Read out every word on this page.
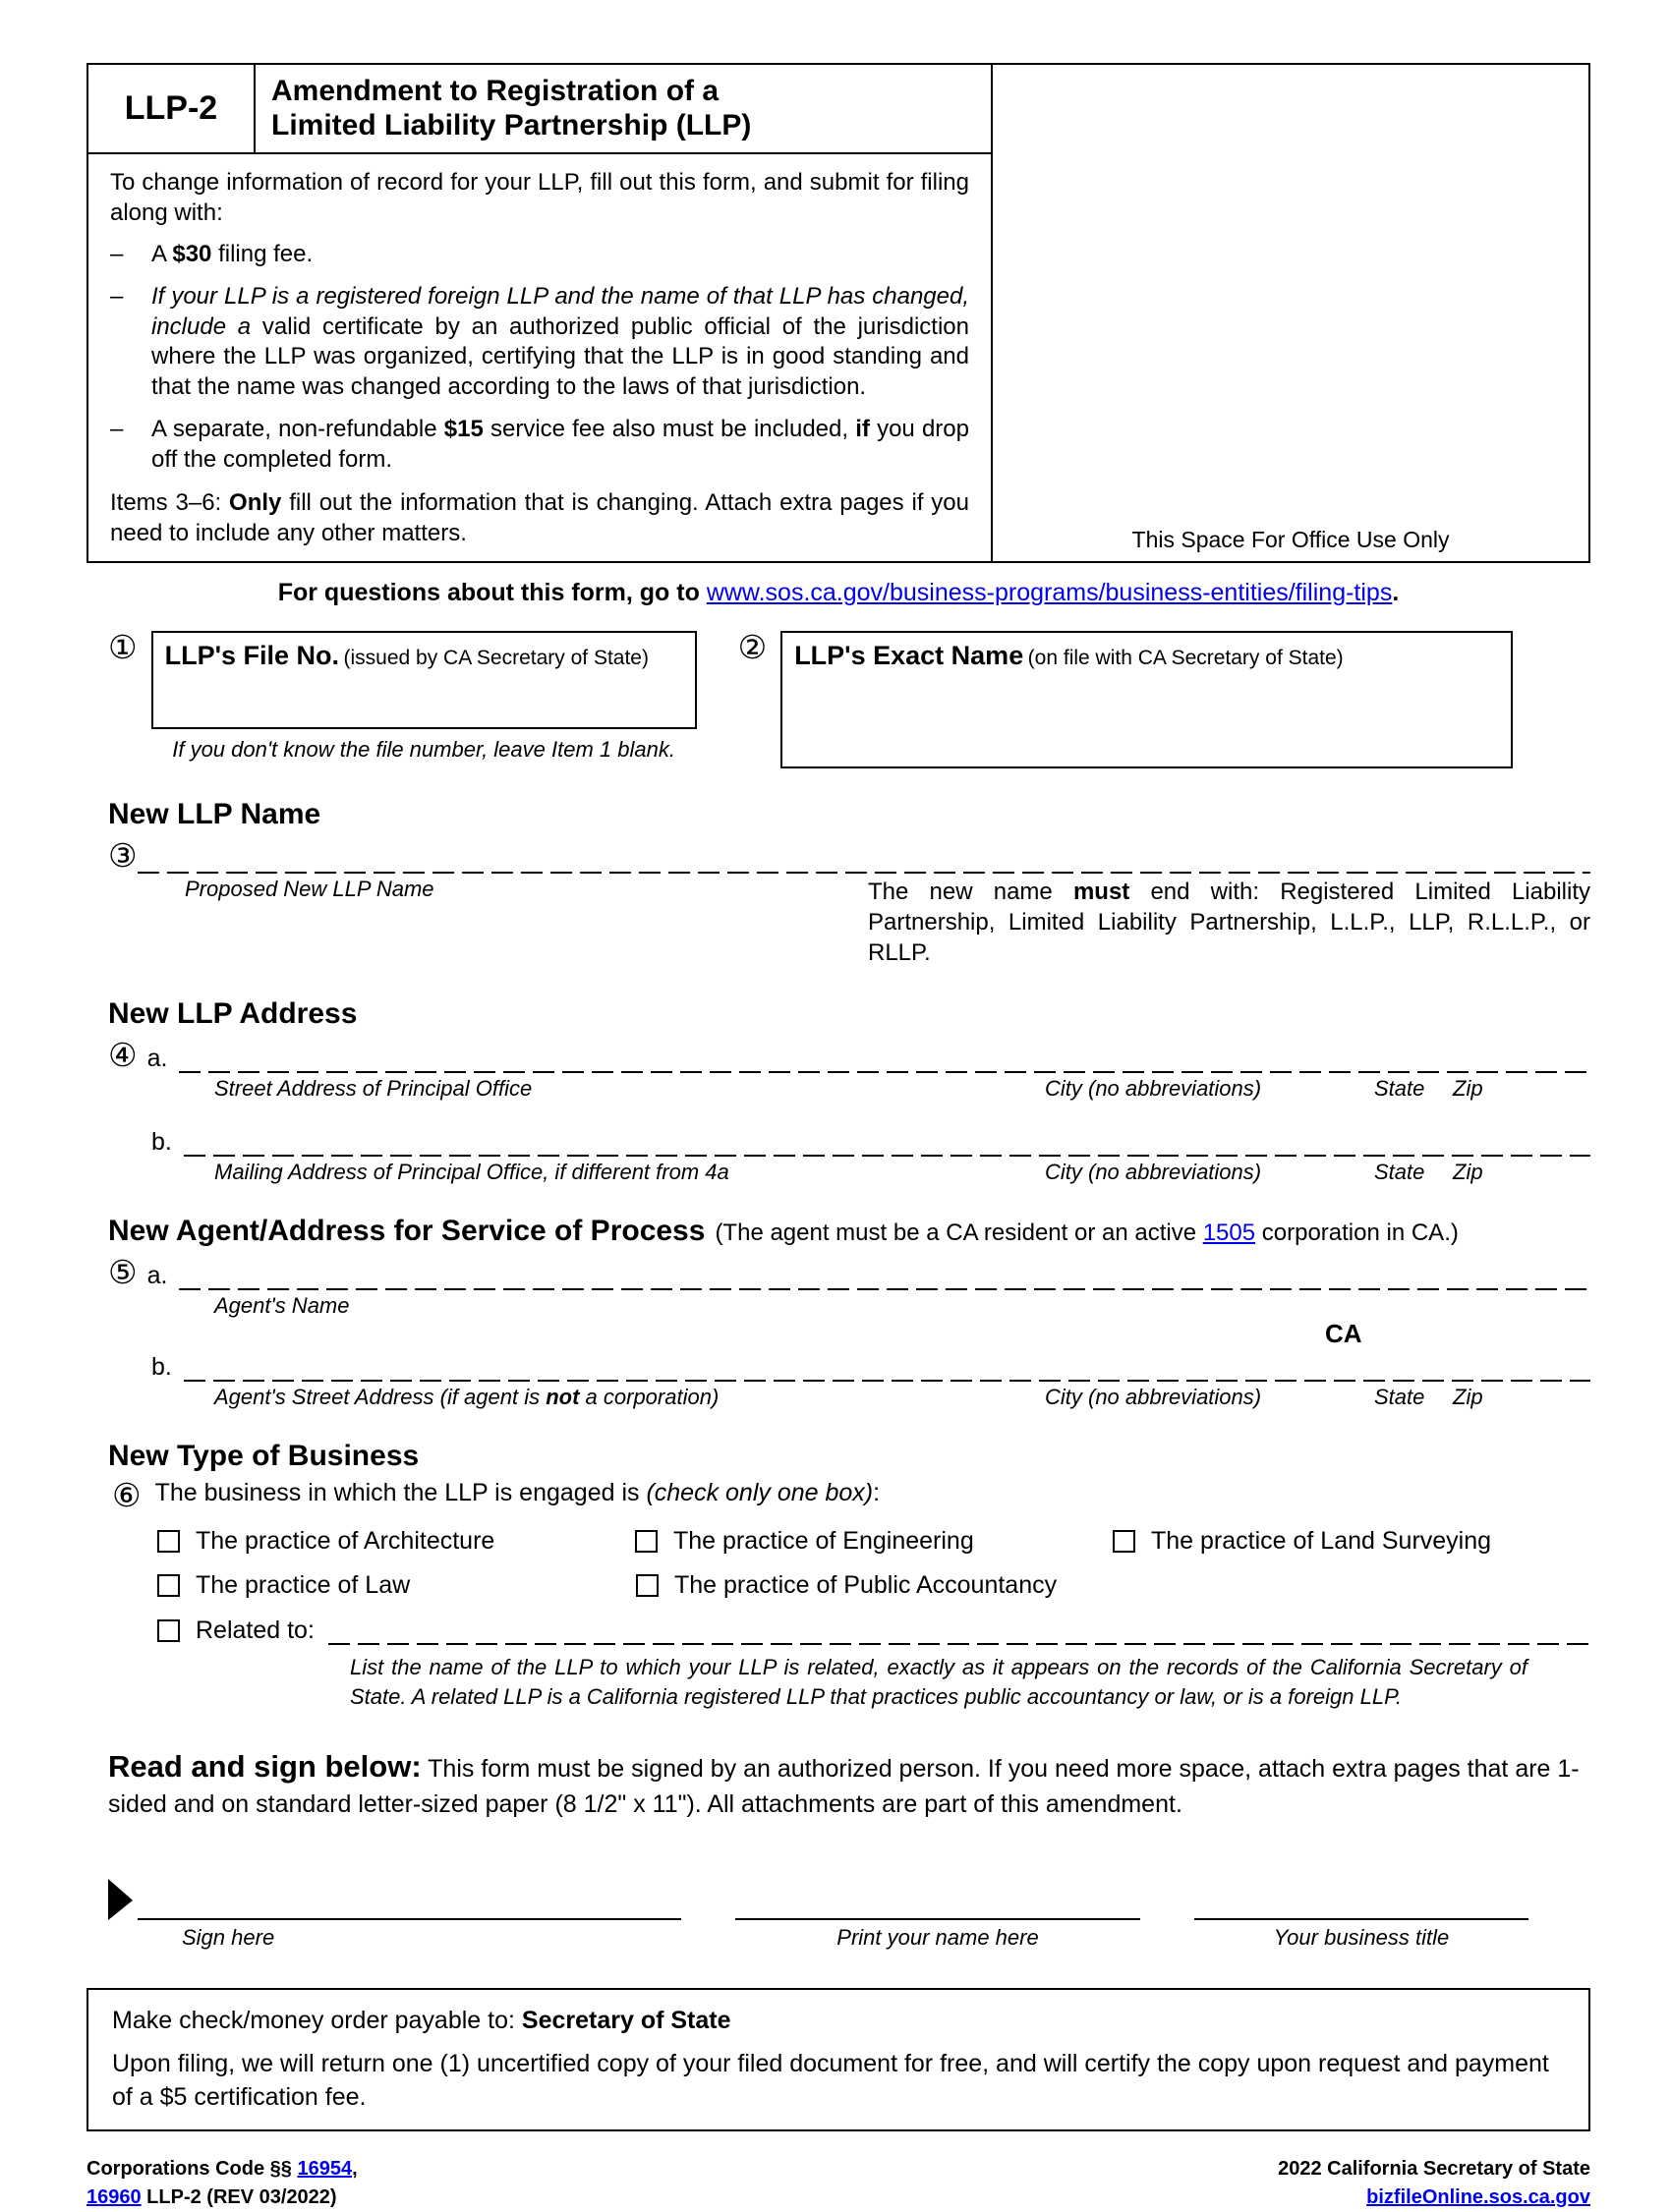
LLP-2	Amendment to Registration of a
Limited Liability Partnership (LLP)

To change information of record for your LLP, fill out this form, and submit for filing along with:

–	A $30 filing fee.
–	If your LLP is a registered foreign LLP and the name of that LLP has changed, include a valid certificate by an authorized public official of the jurisdiction where the LLP was organized, certifying that the LLP is in good standing and that the name was changed according to the laws of that jurisdiction.
–	A separate, non-refundable $15 service fee also must be included, if you drop off the completed form.
Items 3–6: Only fill out the information that is changing. Attach extra pages if you need to include any other matters.	This Space For Office Use Only
For questions about this form, go to www.sos.ca.gov/business-programs/business-entities/filing-tips.
①	LLP's File No. (issued by CA Secretary of State)
If you don't know the file number, leave Item 1 blank.
②	LLP's Exact Name (on file with CA Secretary of State)
New LLP Name
③
Proposed New LLP Name	The new name must end with: Registered Limited Liability Partnership, Limited Liability Partnership, L.L.P., LLP, R.L.L.P., or RLLP.
New LLP Address
④ a.
Street Address of Principal Office	City (no abbreviations)	State	Zip
b.
Mailing Address of Principal Office, if different from 4a	City (no abbreviations)	State	Zip
New Agent/Address for Service of Process (The agent must be a CA resident or an active 1505 corporation in CA.)
⑤ a.
Agent's Name
CA
b.
Agent's Street Address (if agent is not a corporation)	City (no abbreviations)	State	Zip
New Type of Business
⑥ The business in which the LLP is engaged is (check only one box):
The practice of Architecture	The practice of Engineering	The practice of Land Surveying
The practice of Law	The practice of Public Accountancy
Related to:
List the name of the LLP to which your LLP is related, exactly as it appears on the records of the California Secretary of State. A related LLP is a California registered LLP that practices public accountancy or law, or is a foreign LLP.
Read and sign below: This form must be signed by an authorized person. If you need more space, attach extra pages that are 1-sided and on standard letter-sized paper (8 1/2" x 11"). All attachments are part of this amendment.
Sign here	Print your name here	Your business title
Make check/money order payable to: Secretary of State
Upon filing, we will return one (1) uncertified copy of your filed document for free, and will certify the copy upon request and payment of a $5 certification fee.
Corporations Code §§ 16954,
16960 LLP-2 (REV 03/2022)
2022 California Secretary of State
bizfileOnline.sos.ca.gov
